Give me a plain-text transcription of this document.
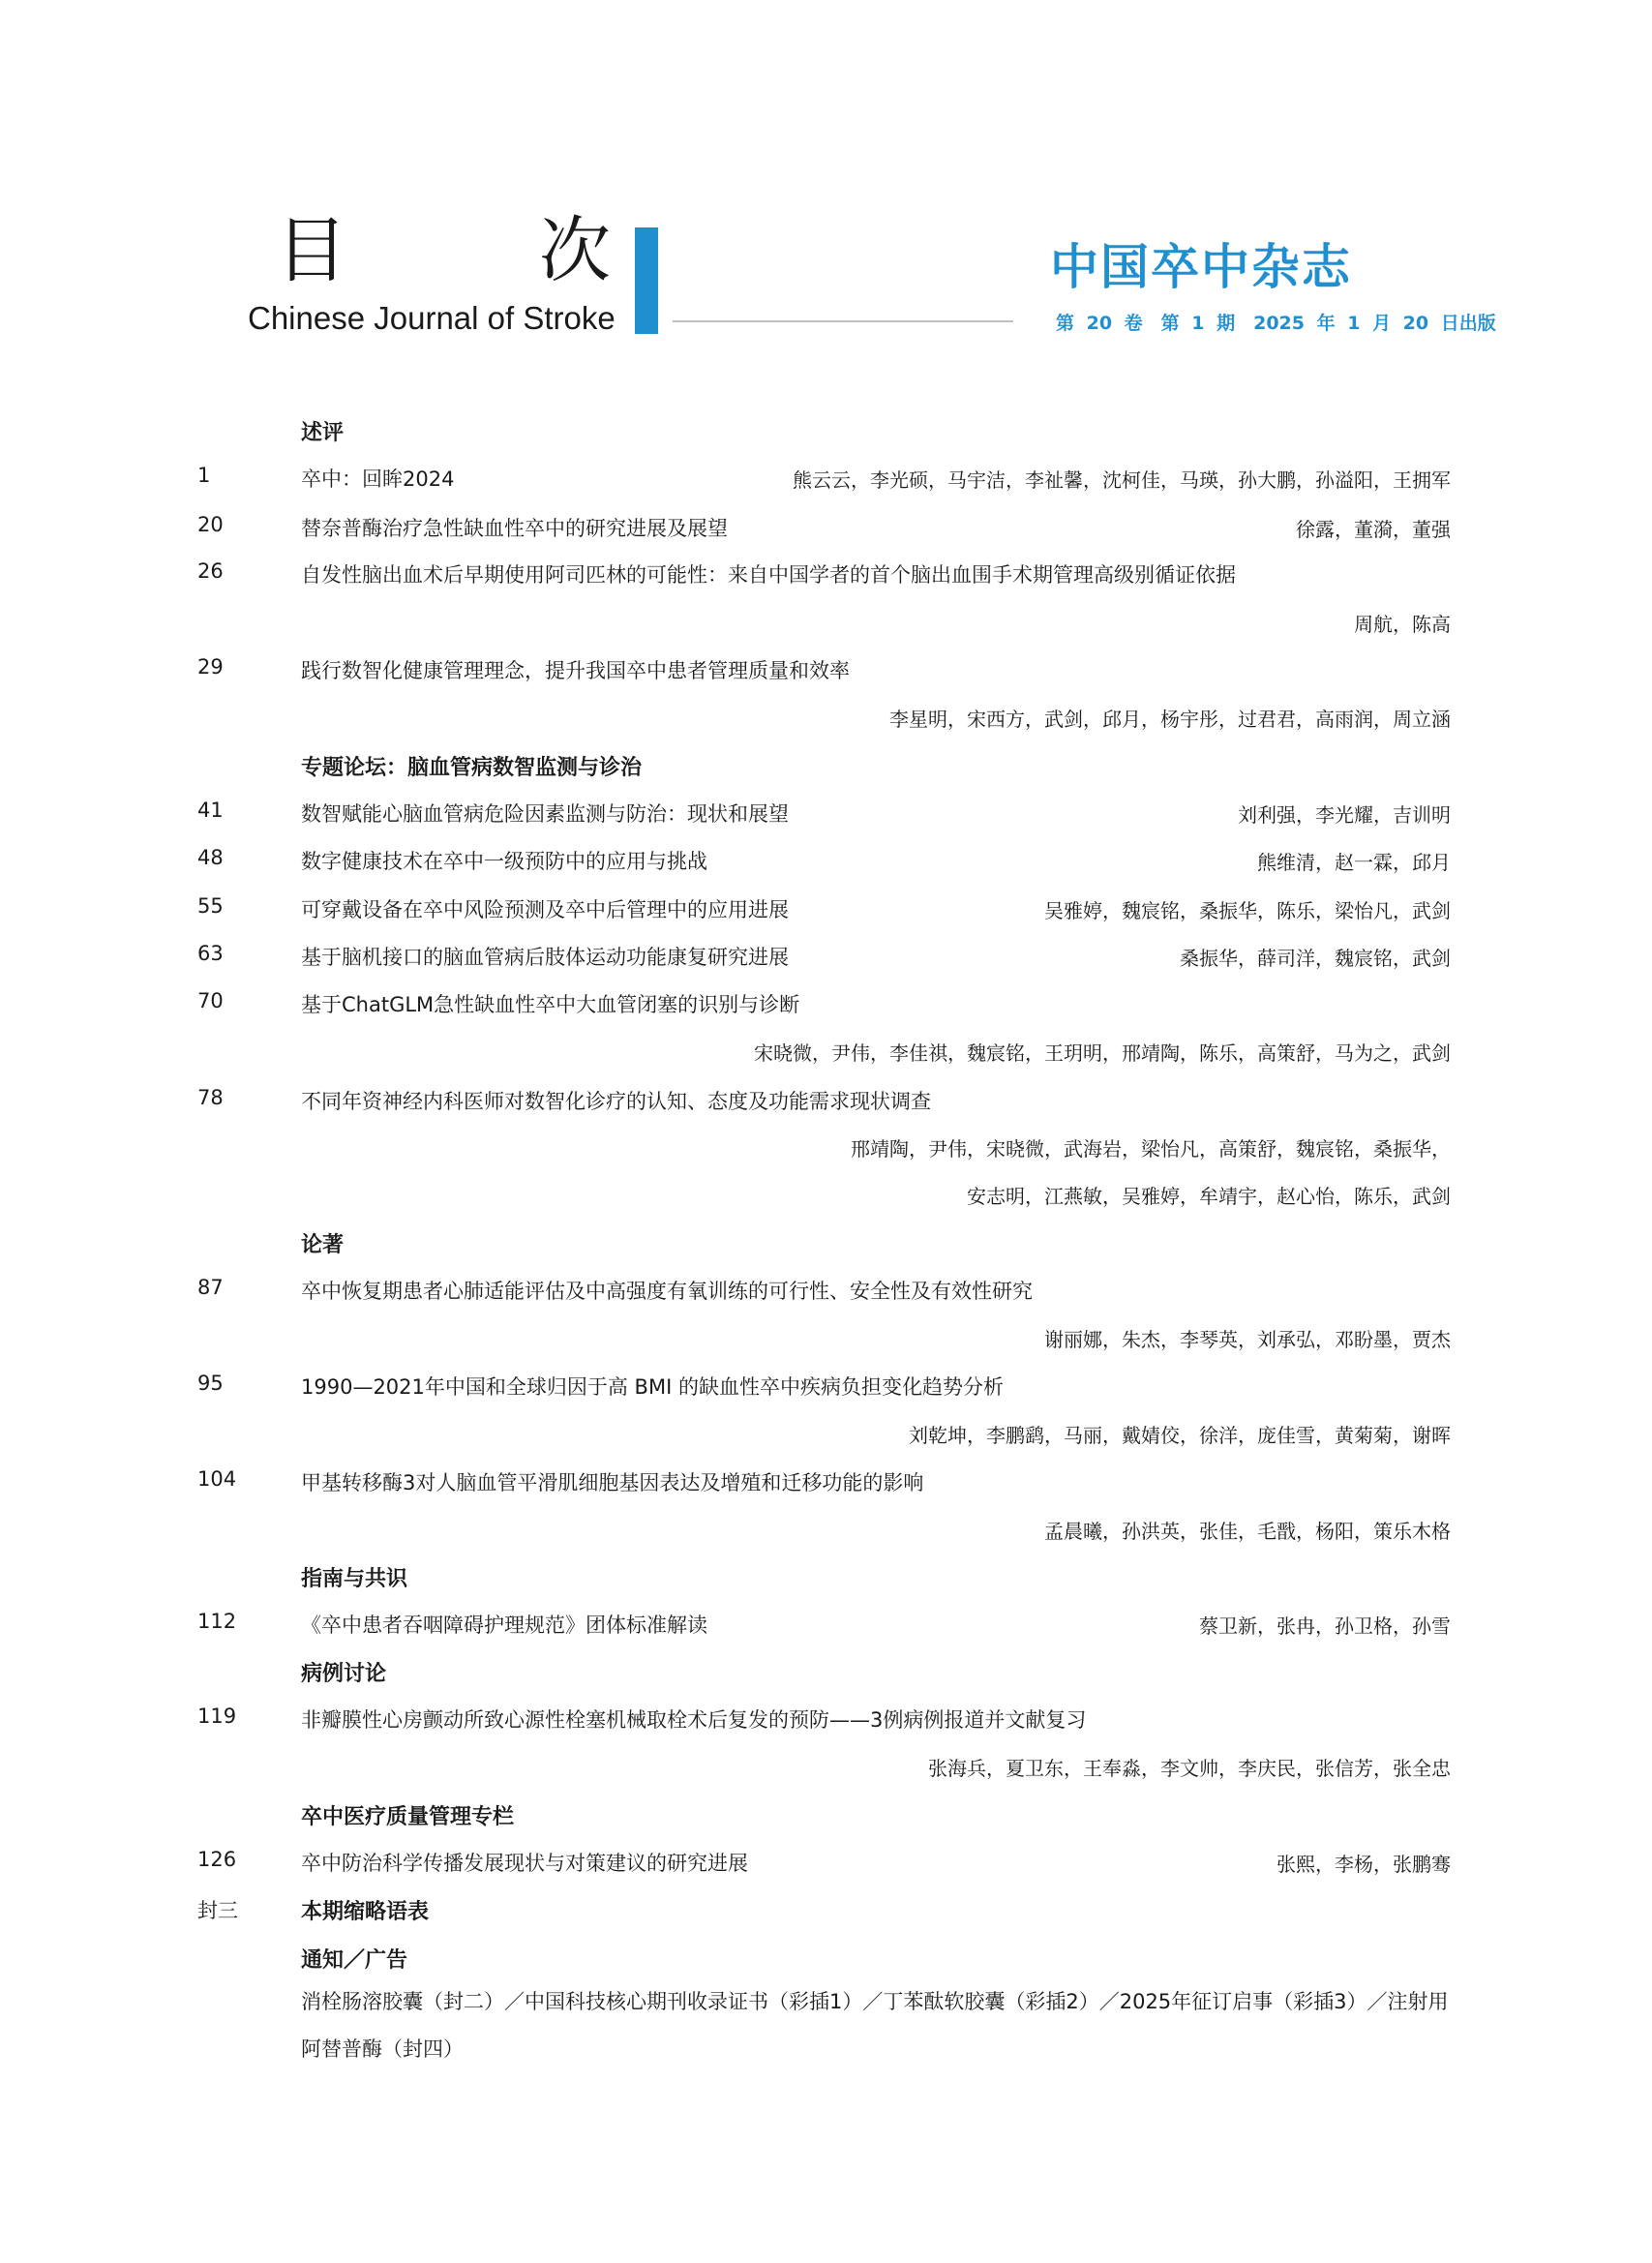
目	次
Chinese Journal of Stroke
中国卒中杂志
第 20 卷　第 1 期　2025 年 1 月 20 日出版
述评
1	卒中：回眸2024	熊云云，李光硕，马宇洁，李祉馨，沈柯佳，马瑛，孙大鹏，孙溢阳，王拥军
20	替奈普酶治疗急性缺血性卒中的研究进展及展望	徐露，董漪，董强
26	自发性脑出血术后早期使用阿司匹林的可能性：来自中国学者的首个脑出血围手术期管理高级别循证依据
周航，陈高
29	践行数智化健康管理理念，提升我国卒中患者管理质量和效率
李星明，宋西方，武剑，邱月，杨宇彤，过君君，高雨润，周立涵
专题论坛：脑血管病数智监测与诊治
41	数智赋能心脑血管病危险因素监测与防治：现状和展望	刘利强，李光耀，吉训明
48	数字健康技术在卒中一级预防中的应用与挑战	熊维清，赵一霖，邱月
55	可穿戴设备在卒中风险预测及卒中后管理中的应用进展	吴雅婷，魏宸铭，桑振华，陈乐，梁怡凡，武剑
63	基于脑机接口的脑血管病后肢体运动功能康复研究进展	桑振华，薛司洋，魏宸铭，武剑
70	基于ChatGLM急性缺血性卒中大血管闭塞的识别与诊断
宋晓微，尹伟，李佳祺，魏宸铭，王玥明，邢靖陶，陈乐，高策舒，马为之，武剑
78	不同年资神经内科医师对数智化诊疗的认知、态度及功能需求现状调查
邢靖陶，尹伟，宋晓微，武海岩，梁怡凡，高策舒，魏宸铭，桑振华，
安志明，江燕敏，吴雅婷，牟靖宇，赵心怡，陈乐，武剑
论著
87	卒中恢复期患者心肺适能评估及中高强度有氧训练的可行性、安全性及有效性研究
谢丽娜，朱杰，李琴英，刘承弘，邓盼墨，贾杰
95	1990—2021年中国和全球归因于高 BMI 的缺血性卒中疾病负担变化趋势分析
刘乾坤，李鹏鹞，马丽，戴婧佼，徐洋，庞佳雪，黄菊菊，谢晖
104	甲基转移酶3对人脑血管平滑肌细胞基因表达及增殖和迁移功能的影响
孟晨曦，孙洪英，张佳，毛戬，杨阳，策乐木格
指南与共识
112	《卒中患者吞咽障碍护理规范》团体标准解读	蔡卫新，张冉，孙卫格，孙雪
病例讨论
119	非瓣膜性心房颤动所致心源性栓塞机械取栓术后复发的预防——3例病例报道并文献复习
张海兵，夏卫东，王奉淼，李文帅，李庆民，张信芳，张全忠
卒中医疗质量管理专栏
126	卒中防治科学传播发展现状与对策建议的研究进展	张熙，李杨，张鹏骞
封三	本期缩略语表
通知／广告
消栓肠溶胶囊（封二）／中国科技核心期刊收录证书（彩插1）／丁苯酞软胶囊（彩插2）／2025年征订启事（彩插3）／注射用阿替普酶（封四）
